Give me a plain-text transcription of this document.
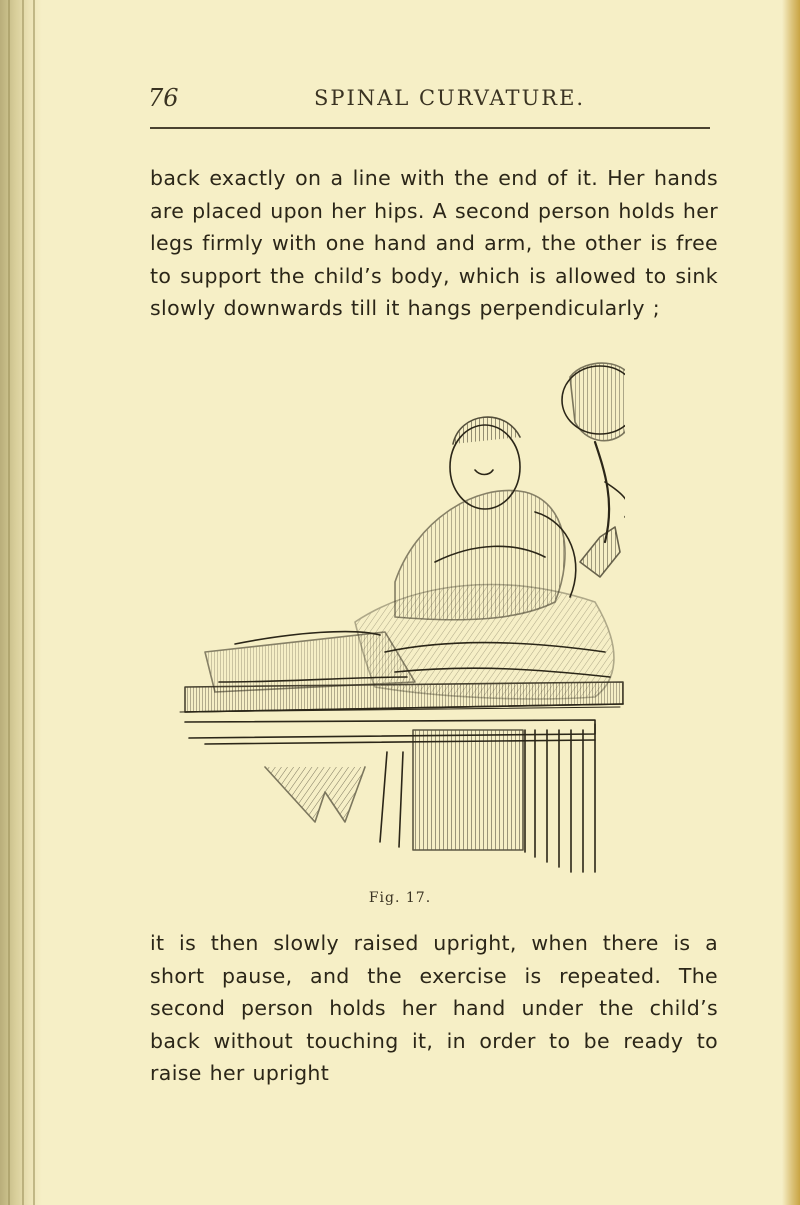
76	SPINAL CURVATURE.

back exactly on a line with the end of it. Her hands are placed upon her hips. A second person holds her legs firmly with one hand and arm, the other is free to support the child’s body, which is allowed to sink slowly downwards till it hangs perpendicularly ;

Fig. 17.

it is then slowly raised upright, when there is a short pause, and the exercise is repeated. The second person holds her hand under the child’s back without touching it, in order to be ready to raise her upright
